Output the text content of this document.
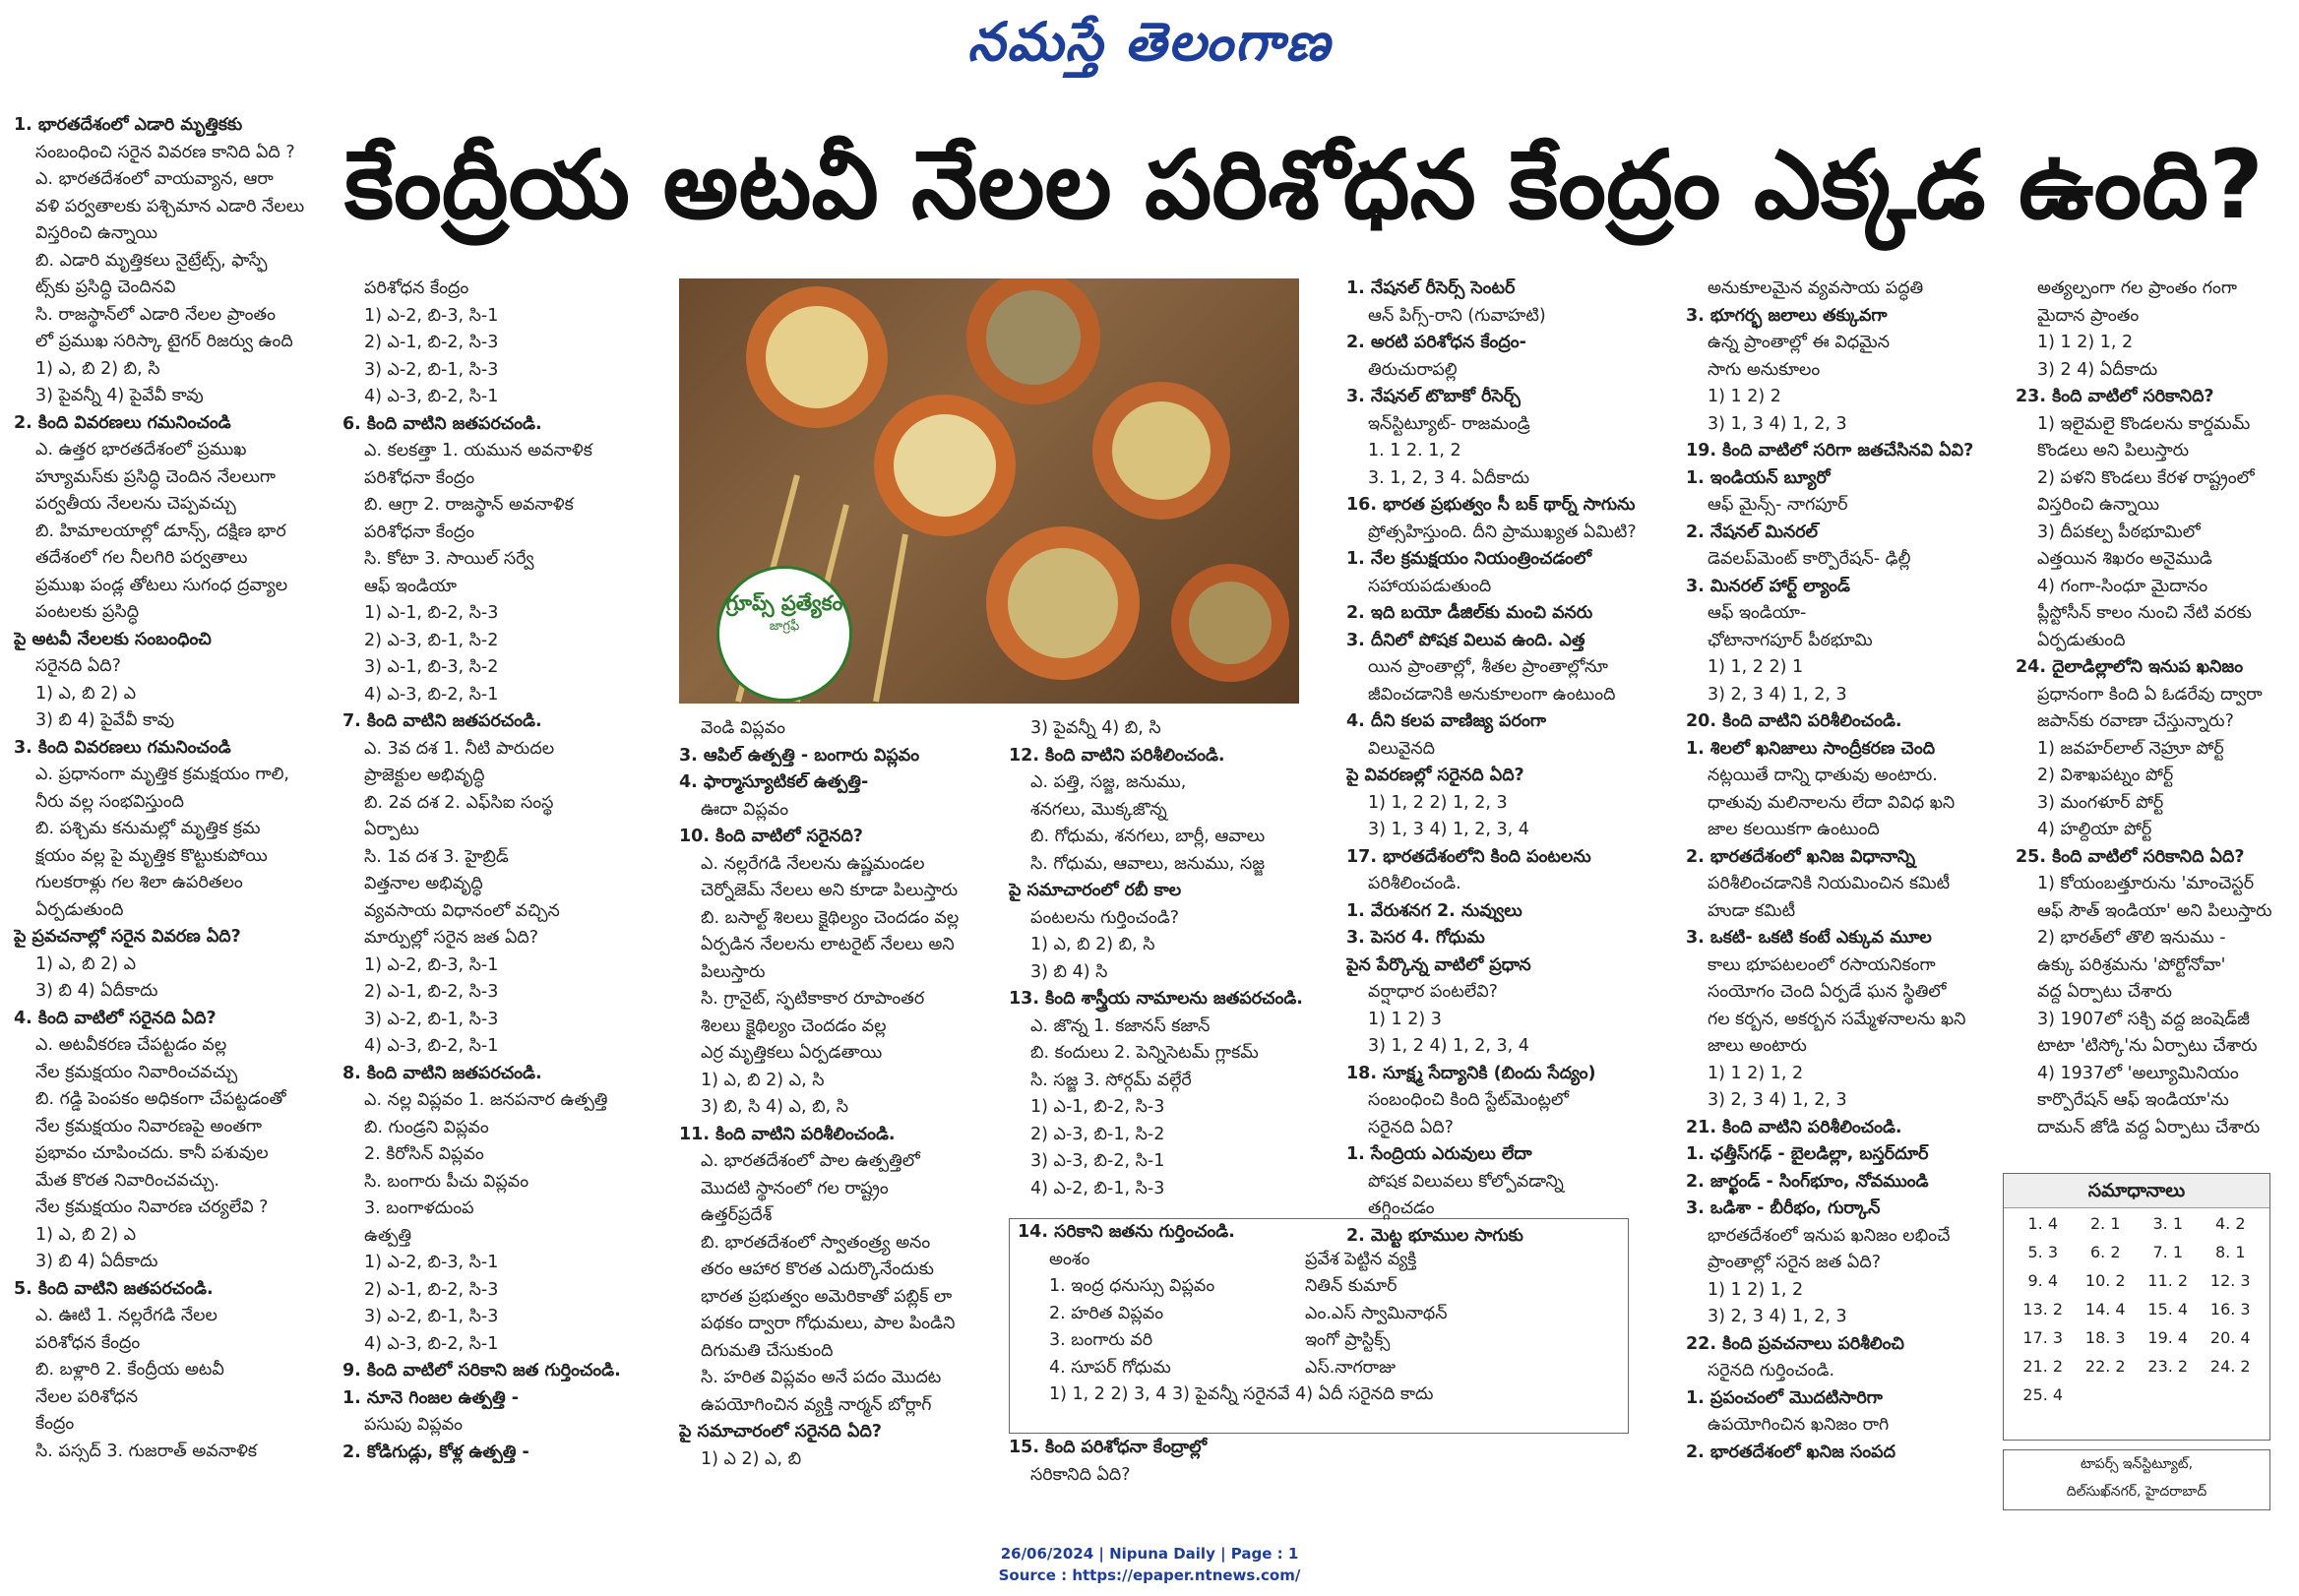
నమస్తే తెలంగాణ
కేంద్రీయ అటవీ నేలల పరిశోధన కేంద్రం ఎక్కడ ఉంది?
1. భారతదేశంలో ఎడారి మృత్తికకు
సంబంధించి సరైన వివరణ కానిది ఏది ?
ఎ. భారతదేశంలో వాయవ్యాన, ఆరా
వళి పర్వతాలకు పశ్చిమాన ఎడారి నేలలు
విస్తరించి ఉన్నాయి
బి. ఎడారి మృత్తికలు నైట్రేట్స్, ఫాస్ఫే
ట్స్‌కు ప్రసిద్ధి చెందినవి
సి. రాజస్థాన్‌లో ఎడారి నేలల ప్రాంతం
లో ప్రముఖ సరిస్కా టైగర్ రిజర్వు ఉంది
1) ఎ, బి 2) బి, సి
3) పైవన్నీ 4) పైవేవీ కావు
2. కింది వివరణలు గమనించండి
ఎ. ఉత్తర భారతదేశంలో ప్రముఖ
హ్యూమస్‌కు ప్రసిద్ధి చెందిన నేలలుగా
పర్వతీయ నేలలను చెప్పవచ్చు
బి. హిమాలయాల్లో డూన్స్, దక్షిణ భార
తదేశంలో గల నీలగిరి పర్వతాలు
ప్రముఖ పండ్ల తోటలు సుగంధ ద్రవ్యాల
పంటలకు ప్రసిద్ధి
పై అటవీ నేలలకు సంబంధించి
సరైనది ఏది?
1) ఎ, బి 2) ఎ
3) బి 4) పైవేవీ కావు
3. కింది వివరణలు గమనించండి
ఎ. ప్రధానంగా మృత్తిక క్రమక్షయం గాలి,
నీరు వల్ల సంభవిస్తుంది
బి. పశ్చిమ కనుమల్లో మృత్తిక క్రమ
క్షయం వల్ల పై మృత్తిక కొట్టుకుపోయి
గులకరాళ్లు గల శిలా ఉపరితలం
ఏర్పడుతుంది
పై ప్రవచనాల్లో సరైన వివరణ ఏది?
1) ఎ, బి 2) ఎ
3) బి 4) ఏదీకాదు
4. కింది వాటిలో సరైనది ఏది?
ఎ. అటవీకరణ చేపట్టడం వల్ల
నేల క్రమక్షయం నివారించవచ్చు
బి. గడ్డి పెంపకం అధికంగా చేపట్టడంతో
నేల క్రమక్షయం నివారణపై అంతగా
ప్రభావం చూపించదు. కానీ పశువుల
మేత కొరత నివారించవచ్చు.
నేల క్రమక్షయం నివారణ చర్యలేవి ?
1) ఎ, బి 2) ఎ
3) బి 4) ఏదీకాదు
5. కింది వాటిని జతపరచండి.
ఎ. ఊటి 1. నల్లరేగడి నేలల
పరిశోధన కేంద్రం
బి. బళ్లారి 2. కేంద్రీయ అటవీ
నేలల పరిశోధన
కేంద్రం
సి. పస్సద్ 3. గుజరాత్ అవనాళిక
పరిశోధన కేంద్రం
1) ఎ-2, బి-3, సి-1
2) ఎ-1, బి-2, సి-3
3) ఎ-2, బి-1, సి-3
4) ఎ-3, బి-2, సి-1
6. కింది వాటిని జతపరచండి.
ఎ. కలకత్తా 1. యమున అవనాళిక
పరిశోధనా కేంద్రం
బి. ఆగ్రా 2. రాజస్థాన్ అవనాళిక
పరిశోధనా కేంద్రం
సి. కోటా 3. సాయిల్ సర్వే
ఆఫ్ ఇండియా
1) ఎ-1, బి-2, సి-3
2) ఎ-3, బి-1, సి-2
3) ఎ-1, బి-3, సి-2
4) ఎ-3, బి-2, సి-1
7. కింది వాటిని జతపరచండి.
ఎ. 3వ దశ 1. నీటి పారుదల
ప్రాజెక్టుల అభివృద్ధి
బి. 2వ దశ 2. ఎఫ్‌సిఐ సంస్థ
ఏర్పాటు
సి. 1వ దశ 3. హైబ్రిడ్
విత్తనాల అభివృద్ధి
వ్యవసాయ విధానంలో వచ్చిన
మార్పుల్లో సరైన జత ఏది?
1) ఎ-2, బి-3, సి-1
2) ఎ-1, బి-2, సి-3
3) ఎ-2, బి-1, సి-3
4) ఎ-3, బి-2, సి-1
8. కింది వాటిని జతపరచండి.
ఎ. నల్ల విప్లవం 1. జనపనార ఉత్పత్తి
బి. గుండ్రని విప్లవం
2. కిరోసిన్ విప్లవం
సి. బంగారు పీచు విప్లవం
3. బంగాళదుంప
ఉత్పత్తి
1) ఎ-2, బి-3, సి-1
2) ఎ-1, బి-2, సి-3
3) ఎ-2, బి-1, సి-3
4) ఎ-3, బి-2, సి-1
9. కింది వాటిలో సరికాని జత గుర్తించండి.
1. నూనె గింజల ఉత్పత్తి -
పసుపు విప్లవం
2. కోడిగుడ్లు, కోళ్ల ఉత్పత్తి -
గ్రూప్స్ ప్రత్యేకం
జాగ్రఫీ
వెండి విప్లవం
3. ఆపిల్ ఉత్పత్తి - బంగారు విప్లవం
4. ఫార్మాస్యూటికల్ ఉత్పత్తి-
ఊదా విప్లవం
10. కింది వాటిలో సరైనది?
ఎ. నల్లరేగడి నేలలను ఉష్ణమండల
చెర్నోజెమ్ నేలలు అని కూడా పిలుస్తారు
బి. బసాల్ట్ శిలలు క్షైథిల్యం చెందడం వల్ల
ఏర్పడిన నేలలను లాటరైట్ నేలలు అని
పిలుస్తారు
సి. గ్రానైట్, స్ఫటికాకార రూపాంతర
శిలలు క్షైథిల్యం చెందడం వల్ల
ఎర్ర మృత్తికలు ఏర్పడతాయి
1) ఎ, బి 2) ఎ, సి
3) బి, సి 4) ఎ, బి, సి
11. కింది వాటిని పరిశీలించండి.
ఎ. భారతదేశంలో పాల ఉత్పత్తిలో
మొదటి స్థానంలో గల రాష్ట్రం
ఉత్తర్‌ప్రదేశ్
బి. భారతదేశంలో స్వాతంత్ర్య అనం
తరం ఆహార కొరత ఎదుర్కొనేందుకు
భారత ప్రభుత్వం అమెరికాతో పబ్లిక్ లా
పథకం ద్వారా గోధుమలు, పాల పిండిని
దిగుమతి చేసుకుంది
సి. హరిత విప్లవం అనే పదం మొదట
ఉపయోగించిన వ్యక్తి నార్మన్ బోర్లాగ్
పై సమాచారంలో సరైనది ఏది?
1) ఎ 2) ఎ, బి
3) పైవన్నీ 4) బి, సి
12. కింది వాటిని పరిశీలించండి.
ఎ. పత్తి, సజ్జ, జనుము,
శనగలు, మొక్కజొన్న
బి. గోధుమ, శనగలు, బార్లీ, ఆవాలు
సి. గోధుమ, ఆవాలు, జనుము, సజ్జ
పై సమాచారంలో రబీ కాల
పంటలను గుర్తించండి?
1) ఎ, బి 2) బి, సి
3) బి 4) సి
13. కింది శాస్త్రీయ నామాలను జతపరచండి.
ఎ. జొన్న 1. కజానస్ కజాన్
బి. కందులు 2. పెన్నిసెటమ్ గ్లాకమ్
సి. సజ్జ 3. సోర్గమ్ వల్గేరే
1) ఎ-1, బి-2, సి-3
2) ఎ-3, బి-1, సి-2
3) ఎ-3, బి-2, సి-1
4) ఎ-2, బి-1, సి-3
14. సరికాని జతను గుర్తించండి.
అంశం	ప్రవేశ పెట్టిన వ్యక్తి
1. ఇంద్ర ధనుస్సు విప్లవం	నితిన్ కుమార్
2. హరిత విప్లవం	ఎం.ఎస్ స్వామినాథన్
3. బంగారు వరి	ఇంగో ప్రాస్టిక్స్
4. సూపర్ గోధుమ	ఎస్.నాగరాజు
1) 1, 2 2) 3, 4 3) పైవన్నీ సరైనవే 4) ఏదీ సరైనది కాదు
15. కింది పరిశోధనా కేంద్రాల్లో
సరికానిది ఏది?
1. నేషనల్ రీసెర్స్ సెంటర్
ఆన్ పిగ్స్-రాని (గువాహటి)
2. అరటి పరిశోధన కేంద్రం-
తిరుచురాపల్లి
3. నేషనల్ టొబాకో రీసెర్చ్
ఇన్‌స్టిట్యూట్- రాజమండ్రి
1. 1 2. 1, 2
3. 1, 2, 3 4. ఏదీకాదు
16. భారత ప్రభుత్వం సీ బక్ థార్న్ సాగును
ప్రోత్సహిస్తుంది. దీని ప్రాముఖ్యత ఏమిటి?
1. నేల క్రమక్షయం నియంత్రించడంలో
సహాయపడుతుంది
2. ఇది బయో డీజిల్‌కు మంచి వనరు
3. దీనిలో పోషక విలువ ఉంది. ఎత్త
యిన ప్రాంతాల్లో, శీతల ప్రాంతాల్లోనూ
జీవించడానికి అనుకూలంగా ఉంటుంది
4. దీని కలప వాణిజ్య పరంగా
విలువైనది
పై వివరణల్లో సరైనది ఏది?
1) 1, 2 2) 1, 2, 3
3) 1, 3 4) 1, 2, 3, 4
17. భారతదేశంలోని కింది పంటలను
పరిశీలించండి.
1. వేరుశనగ 2. నువ్వులు
3. పెసర 4. గోధుమ
పైన పేర్కొన్న వాటిలో ప్రధాన
వర్షాధార పంటలేవి?
1) 1 2) 3
3) 1, 2 4) 1, 2, 3, 4
18. సూక్ష్మ సేద్యానికి (బిందు సేద్యం)
సంబంధించి కింది స్టేట్‌మెంట్లలో
సరైనది ఏది?
1. సేంద్రియ ఎరువులు లేదా
పోషక విలువలు కోల్పోవడాన్ని
తగ్గించడం
2. మెట్ట భూముల సాగుకు
అనుకూలమైన వ్యవసాయ పద్ధతి
3. భూగర్భ జలాలు తక్కువగా
ఉన్న ప్రాంతాల్లో ఈ విధమైన
సాగు అనుకూలం
1) 1 2) 2
3) 1, 3 4) 1, 2, 3
19. కింది వాటిలో సరిగా జతచేసినవి ఏవి?
1. ఇండియన్ బ్యూరో
ఆఫ్ మైన్స్- నాగపూర్
2. నేషనల్ మినరల్
డెవలప్‌మెంట్ కార్పొరేషన్- ఢిల్లీ
3. మినరల్ హార్ట్ ల్యాండ్
ఆఫ్ ఇండియా-
ఛోటానాగపూర్ పీఠభూమి
1) 1, 2 2) 1
3) 2, 3 4) 1, 2, 3
20. కింది వాటిని పరిశీలించండి.
1. శిలలో ఖనిజాలు సాంద్రీకరణ చెంది
నట్లయితే దాన్ని ధాతువు అంటారు.
ధాతువు మలినాలను లేదా వివిధ ఖని
జాల కలయికగా ఉంటుంది
2. భారతదేశంలో ఖనిజ విధానాన్ని
పరిశీలించడానికి నియమించిన కమిటీ
హుడా కమిటీ
3. ఒకటి- ఒకటి కంటే ఎక్కువ మూల
కాలు భూపటలంలో రసాయనికంగా
సంయోగం చెంది ఏర్పడే ఘన స్థితిలో
గల కర్బన, అకర్బన సమ్మేళనాలను ఖని
జాలు అంటారు
1) 1 2) 1, 2
3) 2, 3 4) 1, 2, 3
21. కింది వాటిని పరిశీలించండి.
1. ఛత్తీస్‌గఢ్ - బైలడిల్లా, బస్తర్‌దూర్
2. జార్ఖండ్ - సింగ్‌భూం, నోవముండి
3. ఒడిశా - బీరీభం, గుర్కాన్
భారతదేశంలో ఇనుప ఖనిజం లభించే
ప్రాంతాల్లో సరైన జత ఏది?
1) 1 2) 1, 2
3) 2, 3 4) 1, 2, 3
22. కింది ప్రవచనాలు పరిశీలించి
సరైనది గుర్తించండి.
1. ప్రపంచంలో మొదటిసారిగా
ఉపయోగించిన ఖనిజం రాగి
2. భారతదేశంలో ఖనిజ సంపద
అత్యల్పంగా గల ప్రాంతం గంగా
మైదాన ప్రాంతం
1) 1 2) 1, 2
3) 2 4) ఏదీకాదు
23. కింది వాటిలో సరికానిది?
1) ఇలైమలై కొండలను కార్డమమ్
కొండలు అని పిలుస్తారు
2) పళని కొండలు కేరళ రాష్ట్రంలో
విస్తరించి ఉన్నాయి
3) దీపకల్ప పీఠభూమిలో
ఎత్తయిన శిఖరం అనైముడి
4) గంగా-సింధూ మైదానం
ప్లీస్టోసీన్ కాలం నుంచి నేటి వరకు
ఏర్పడుతుంది
24. దైలాడిల్లాలోని ఇనుప ఖనిజం
ప్రధానంగా కింది ఏ ఓడరేవు ద్వారా
జపాన్‌కు రవాణా చేస్తున్నారు?
1) జవహర్‌లాల్ నెహ్రూ పోర్ట్
2) విశాఖపట్నం పోర్ట్
3) మంగళూర్ పోర్ట్
4) హల్దియా పోర్ట్
25. కింది వాటిలో సరికానిది ఏది?
1) కోయంబత్తూరును 'మాంచెస్టర్
ఆఫ్ సౌత్ ఇండియా' అని పిలుస్తారు
2) భారత్‌లో తొలి ఇనుము -
ఉక్కు పరిశ్రమను 'పోర్టోనోవా'
వద్ద ఏర్పాటు చేశారు
3) 1907లో సక్చి వద్ద జంషెడ్‌జీ
టాటా 'టిస్కో'ను ఏర్పాటు చేశారు
4) 1937లో 'అల్యూమినియం
కార్పొరేషన్ ఆఫ్ ఇండియా'ను
దామన్ జోడి వద్ద ఏర్పాటు చేశారు
సమాధానాలు
1. 4	2. 1	3. 1	4. 2
5. 3	6. 2	7. 1	8. 1
9. 4	10. 2	11. 2	12. 3
13. 2	14. 4	15. 4	16. 3
17. 3	18. 3	19. 4	20. 4
21. 2	22. 2	23. 2	24. 2
25. 4
టాపర్స్ ఇన్‌స్టిట్యూట్,
దిల్‌సుఖ్‌నగర్, హైదరాబాద్
26/06/2024 | Nipuna Daily | Page : 1
Source : https://epaper.ntnews.com/
